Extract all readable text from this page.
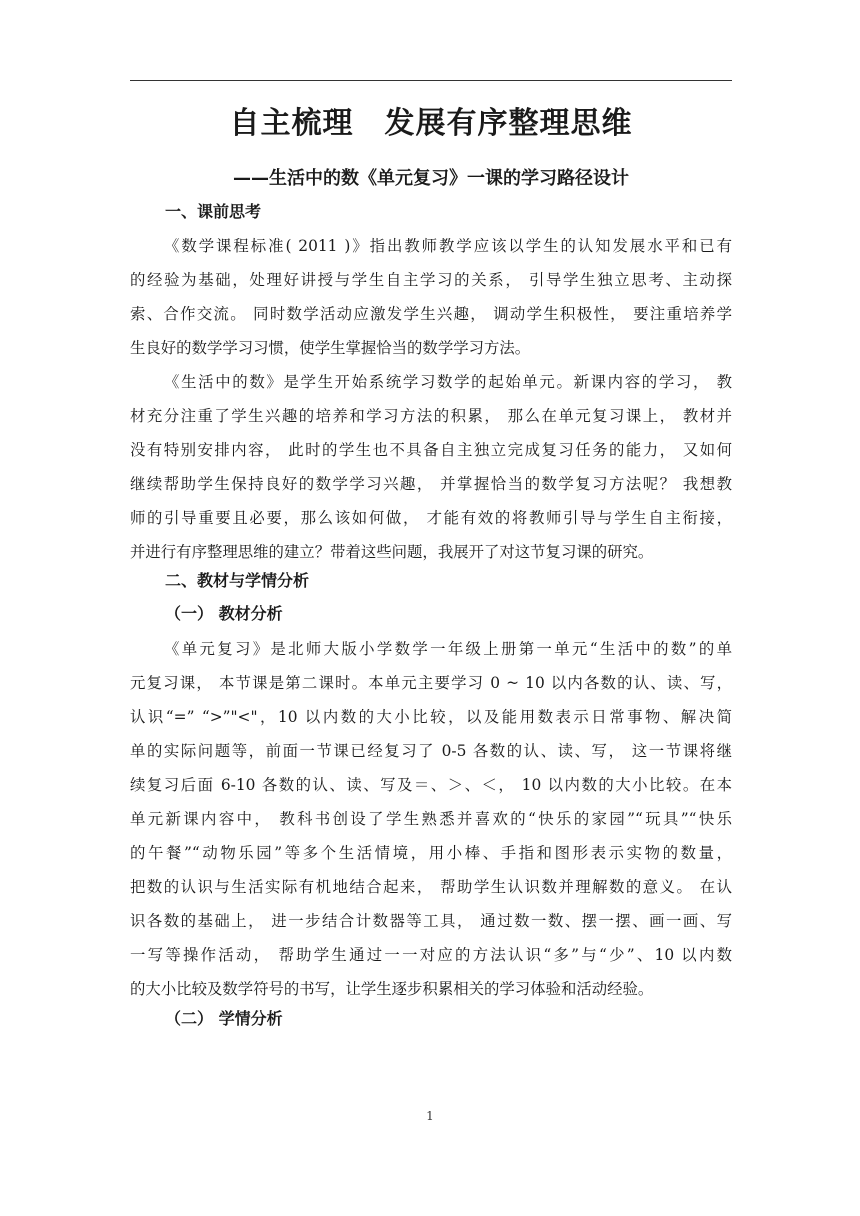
自主梳理　发展有序整理思维
——生活中的数《单元复习》一课的学习路径设计
一、课前思考
《数学课程标准( 2011 )》指出教师教学应该以学生的认知发展水平和已有
的经验为基础，处理好讲授与学生自主学习的关系， 引导学生独立思考、主动探
索、合作交流。 同时数学活动应激发学生兴趣， 调动学生积极性， 要注重培养学
生良好的数学学习习惯，使学生掌握恰当的数学学习方法。
《生活中的数》是学生开始系统学习数学的起始单元。新课内容的学习， 教
材充分注重了学生兴趣的培养和学习方法的积累， 那么在单元复习课上， 教材并
没有特别安排内容， 此时的学生也不具备自主独立完成复习任务的能力， 又如何
继续帮助学生保持良好的数学学习兴趣， 并掌握恰当的数学复习方法呢？ 我想教
师的引导重要且必要，那么该如何做， 才能有效的将教师引导与学生自主衔接，
并进行有序整理思维的建立？带着这些问题，我展开了对这节复习课的研究。
二、教材与学情分析
（一） 教材分析
《单元复习》是北师大版小学数学一年级上册第一单元“生活中的数”的单
元复习课， 本节课是第二课时。本单元主要学习 0 ~ 10 以内各数的认、读、写，
认识“=” “>”"<"，10 以内数的大小比较，以及能用数表示日常事物、解决简
单的实际问题等，前面一节课已经复习了 0-5 各数的认、读、写， 这一节课将继
续复习后面 6-10 各数的认、读、写及＝、＞、＜， 10 以内数的大小比较。在本
单元新课内容中， 教科书创设了学生熟悉并喜欢的“快乐的家园”“玩具”“快乐
的午餐”“动物乐园”等多个生活情境，用小棒、手指和图形表示实物的数量，
把数的认识与生活实际有机地结合起来， 帮助学生认识数并理解数的意义。 在认
识各数的基础上， 进一步结合计数器等工具， 通过数一数、摆一摆、画一画、写
一写等操作活动， 帮助学生通过一一对应的方法认识“多”与“少”、10 以内数
的大小比较及数学符号的书写，让学生逐步积累相关的学习体验和活动经验。
（二） 学情分析
1
